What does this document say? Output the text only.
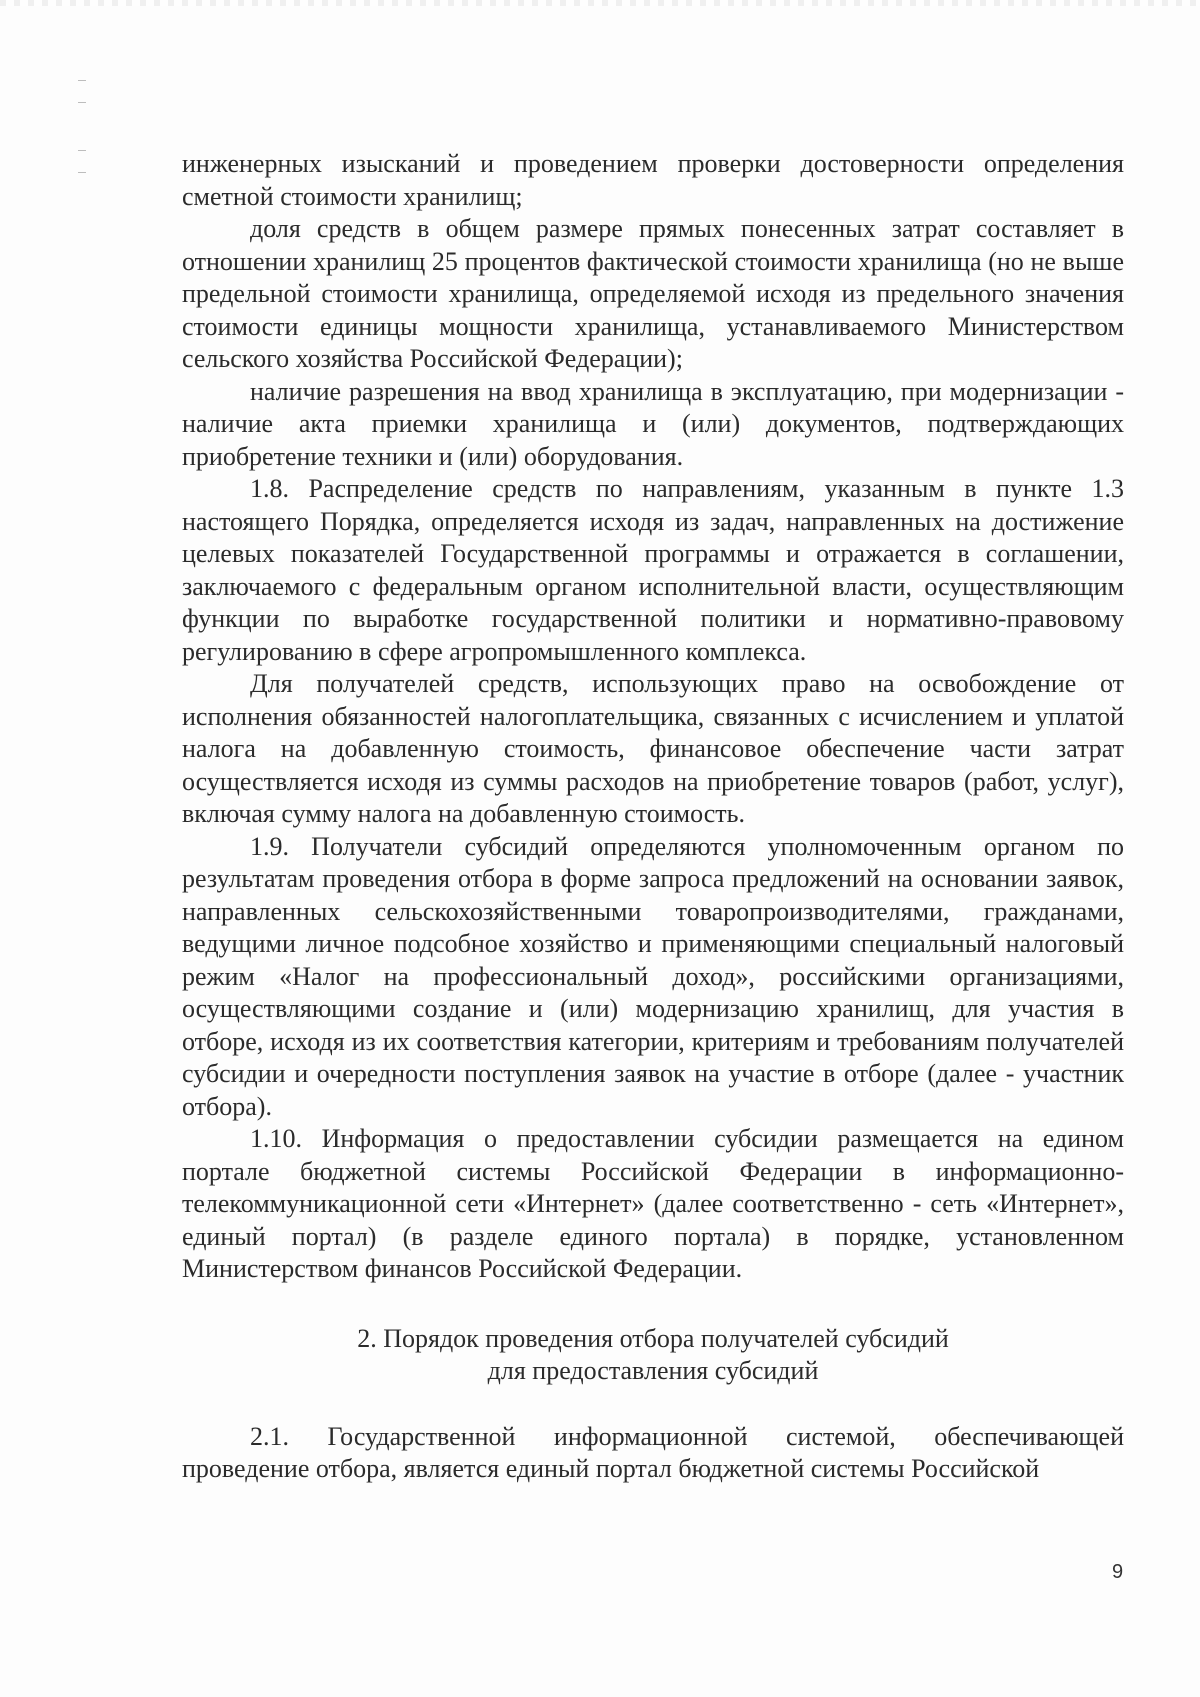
инженерных изысканий и проведением проверки достоверности определения сметной стоимости хранилищ;

доля средств в общем размере прямых понесенных затрат составляет в отношении хранилищ 25 процентов фактической стоимости хранилища (но не выше предельной стоимости хранилища, определяемой исходя из предельного значения стоимости единицы мощности хранилища, устанавливаемого Министерством сельского хозяйства Российской Федерации);

наличие разрешения на ввод хранилища в эксплуатацию, при модернизации - наличие акта приемки хранилища и (или) документов, подтверждающих приобретение техники и (или) оборудования.

1.8. Распределение средств по направлениям, указанным в пункте 1.3 настоящего Порядка, определяется исходя из задач, направленных на достижение целевых показателей Государственной программы и отражается в соглашении, заключаемого с федеральным органом исполнительной власти, осуществляющим функции по выработке государственной политики и нормативно-правовому регулированию в сфере агропромышленного комплекса.

Для получателей средств, использующих право на освобождение от исполнения обязанностей налогоплательщика, связанных с исчислением и уплатой налога на добавленную стоимость, финансовое обеспечение части затрат осуществляется исходя из суммы расходов на приобретение товаров (работ, услуг), включая сумму налога на добавленную стоимость.

1.9. Получатели субсидий определяются уполномоченным органом по результатам проведения отбора в форме запроса предложений на основании заявок, направленных сельскохозяйственными товаропроизводителями, гражданами, ведущими личное подсобное хозяйство и применяющими специальный налоговый режим «Налог на профессиональный доход», российскими организациями, осуществляющими создание и (или) модернизацию хранилищ, для участия в отборе, исходя из их соответствия категории, критериям и требованиям получателей субсидии и очередности поступления заявок на участие в отборе (далее - участник отбора).

1.10. Информация о предоставлении субсидии размещается на едином портале бюджетной системы Российской Федерации в информационно-телекоммуникационной сети «Интернет» (далее соответственно - сеть «Интернет», единый портал) (в разделе единого портала) в порядке, установленном Министерством финансов Российской Федерации.

2. Порядок проведения отбора получателей субсидий
для предоставления субсидий

2.1. Государственной информационной системой, обеспечивающей проведение отбора, является единый портал бюджетной системы Российской

9
